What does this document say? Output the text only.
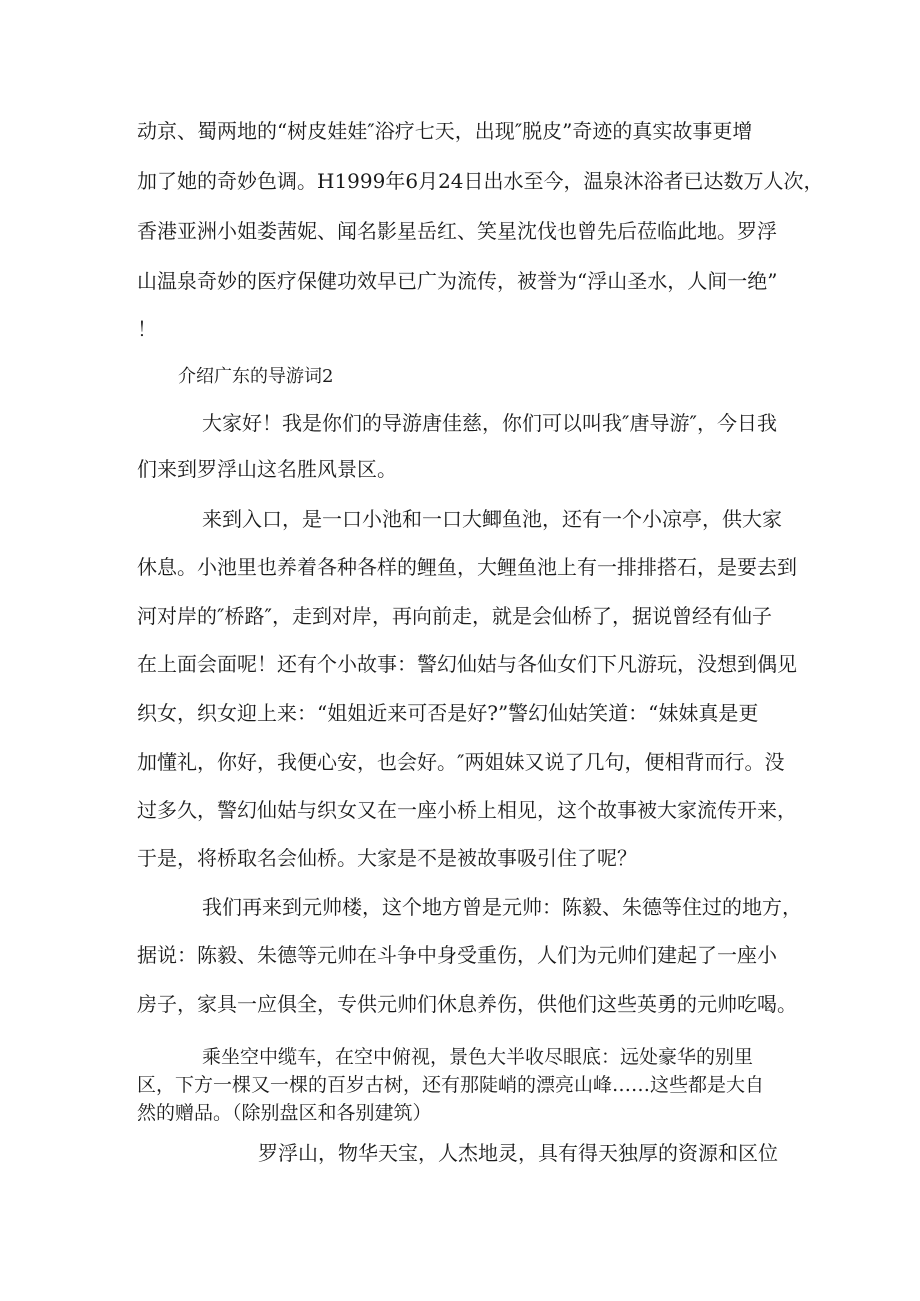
动京、蜀两地的“树皮娃娃″浴疗七天，出现″脱皮”奇迹的真实故事更增
加了她的奇妙色调。H1999年6月24日出水至今，温泉沐浴者已达数万人次，
香港亚洲小姐娄茜妮、闻名影星岳红、笑星沈伐也曾先后莅临此地。罗浮
山温泉奇妙的医疗保健功效早已广为流传，被誉为“浮山圣水，人间一绝”
！
介绍广东的导游词2
大家好！我是你们的导游唐佳慈，你们可以叫我″唐导游″，今日我
们来到罗浮山这名胜风景区。
来到入口，是一口小池和一口大鲫鱼池，还有一个小凉亭，供大家
休息。小池里也养着各种各样的鲤鱼，大鲤鱼池上有一排排搭石，是要去到
河对岸的″桥路″，走到对岸，再向前走，就是会仙桥了，据说曾经有仙子
在上面会面呢！还有个小故事：警幻仙姑与各仙女们下凡游玩，没想到偶见
织女，织女迎上来：“姐姐近来可否是好?”警幻仙姑笑道：“妹妹真是更
加懂礼，你好，我便心安，也会好。″两姐妹又说了几句，便相背而行。没
过多久，警幻仙姑与织女又在一座小桥上相见，这个故事被大家流传开来，
于是，将桥取名会仙桥。大家是不是被故事吸引住了呢？
我们再来到元帅楼，这个地方曾是元帅：陈毅、朱德等住过的地方，
据说：陈毅、朱德等元帅在斗争中身受重伤，人们为元帅们建起了一座小
房子，家具一应俱全，专供元帅们休息养伤，供他们这些英勇的元帅吃喝。
乘坐空中缆车，在空中俯视，景色大半收尽眼底：远处豪华的别里
区，下方一棵又一棵的百岁古树，还有那陡峭的漂亮山峰……这些都是大自
然的赠品。（除别盘区和各别建筑）
罗浮山，物华天宝，人杰地灵，具有得天独厚的资源和区位
